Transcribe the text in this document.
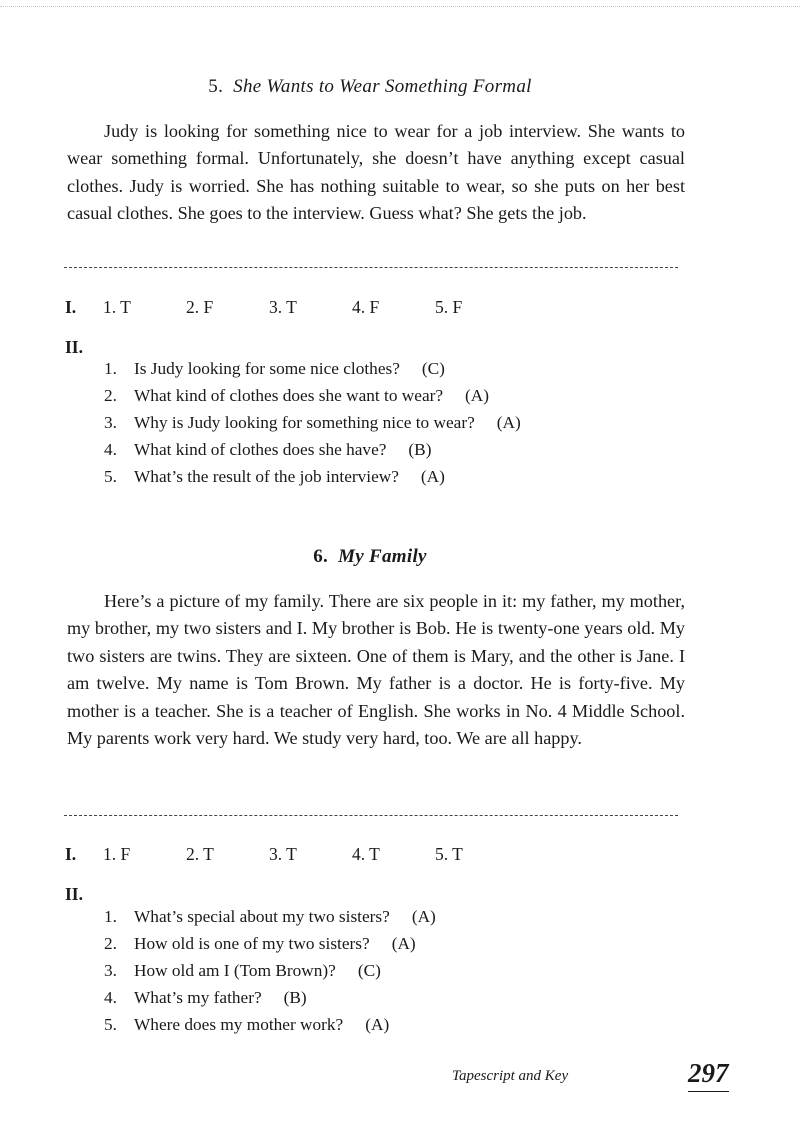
5. She Wants to Wear Something Formal

Judy is looking for something nice to wear for a job interview. She wants to wear something formal. Unfortunately, she doesn’t have anything except casual clothes. Judy is worried. She has nothing suitable to wear, so she puts on her best casual clothes. She goes to the interview. Guess what? She gets the job.

I. 1. T	2. F	3. T	4. F	5. F
II.
1. Is Judy looking for some nice clothes? (C)
2. What kind of clothes does she want to wear? (A)
3. Why is Judy looking for something nice to wear? (A)
4. What kind of clothes does she have? (B)
5. What’s the result of the job interview? (A)
6. My Family

Here’s a picture of my family. There are six people in it: my father, my mother, my brother, my two sisters and I. My brother is Bob. He is twenty-one years old. My two sisters are twins. They are sixteen. One of them is Mary, and the other is Jane. I am twelve. My name is Tom Brown. My father is a doctor. He is forty-five. My mother is a teacher. She is a teacher of English. She works in No. 4 Middle School. My parents work very hard. We study very hard, too. We are all happy.

I. 1. F	2. T	3. T	4. T	5. T
II.
1. What’s special about my two sisters? (A)
2. How old is one of my two sisters? (A)
3. How old am I (Tom Brown)? (C)
4. What’s my father? (B)
5. Where does my mother work? (A)
Tapescript and Key	297
